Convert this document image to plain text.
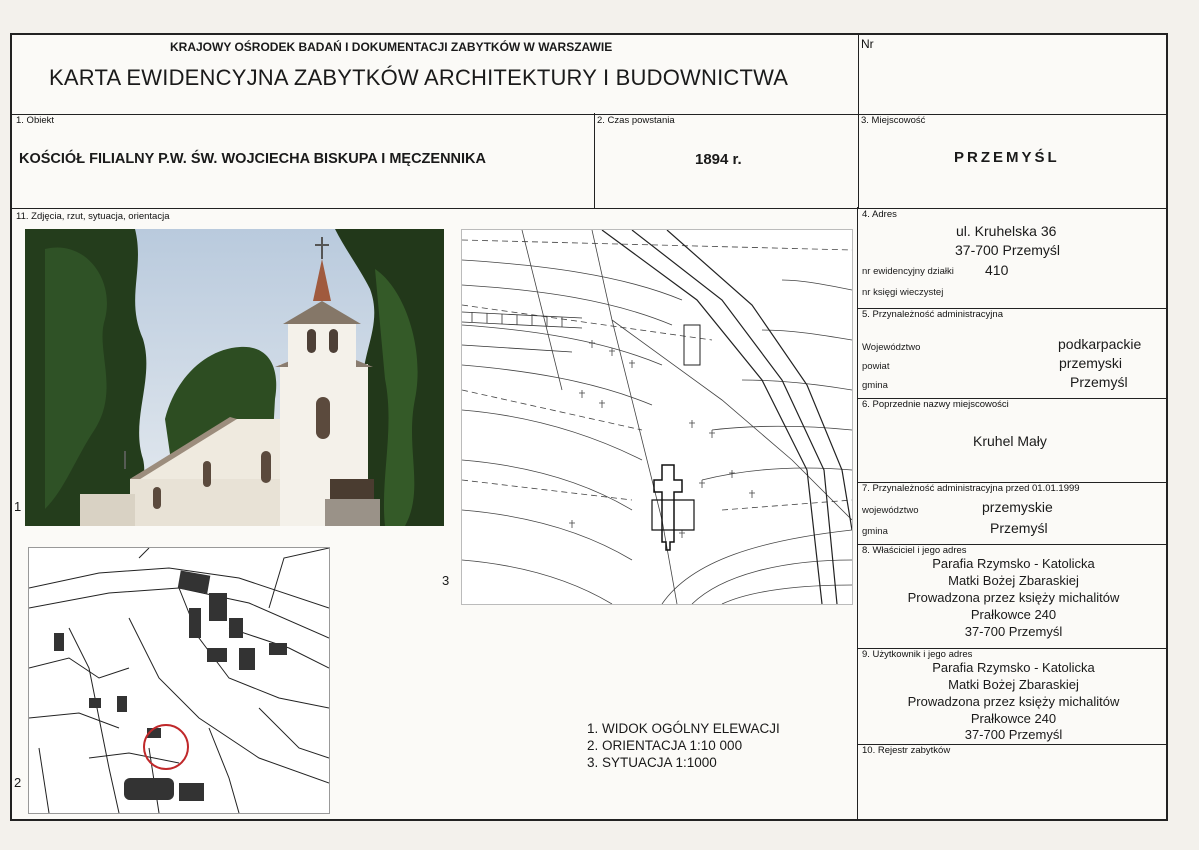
KRAJOWY OŚRODEK BADAŃ I DOKUMENTACJI ZABYTKÓW W WARSZAWIE
KARTA EWIDENCYJNA ZABYTKÓW ARCHITEKTURY I BUDOWNICTWA
Nr
1. Obiekt
KOŚCIÓŁ FILIALNY P.W. ŚW. WOJCIECHA BISKUPA I MĘCZENNIKA
2. Czas powstania
1894 r.
3. Miejscowość
PRZEMYŚL
11. Zdjęcia, rzut, sytuacja, orientacja
1
2
3
1. WIDOK OGÓLNY ELEWACJI
2. ORIENTACJA 1:10 000
3. SYTUACJA 1:1000
4. Adres
ul. Kruhelska 36
37-700 Przemyśl
nr ewidencyjny działki 410
nr księgi wieczystej
5. Przynależność administracyjna
Województwo	podkarpackie
powiat	przemyski
gmina	Przemyśl
6. Poprzednie nazwy miejscowości
Kruhel Mały
7. Przynależność administracyjna przed 01.01.1999
województwo	przemyskie
gmina	Przemyśl
8. Właściciel i jego adres
Parafia Rzymsko - Katolicka
Matki Bożej Zbaraskiej
Prowadzona przez księży michalitów
Prałkowce 240
37-700 Przemyśl
9. Użytkownik i jego adres
Parafia Rzymsko - Katolicka
Matki Bożej Zbaraskiej
Prowadzona przez księży michalitów
Prałkowce 240
37-700 Przemyśl
10. Rejestr zabytków
